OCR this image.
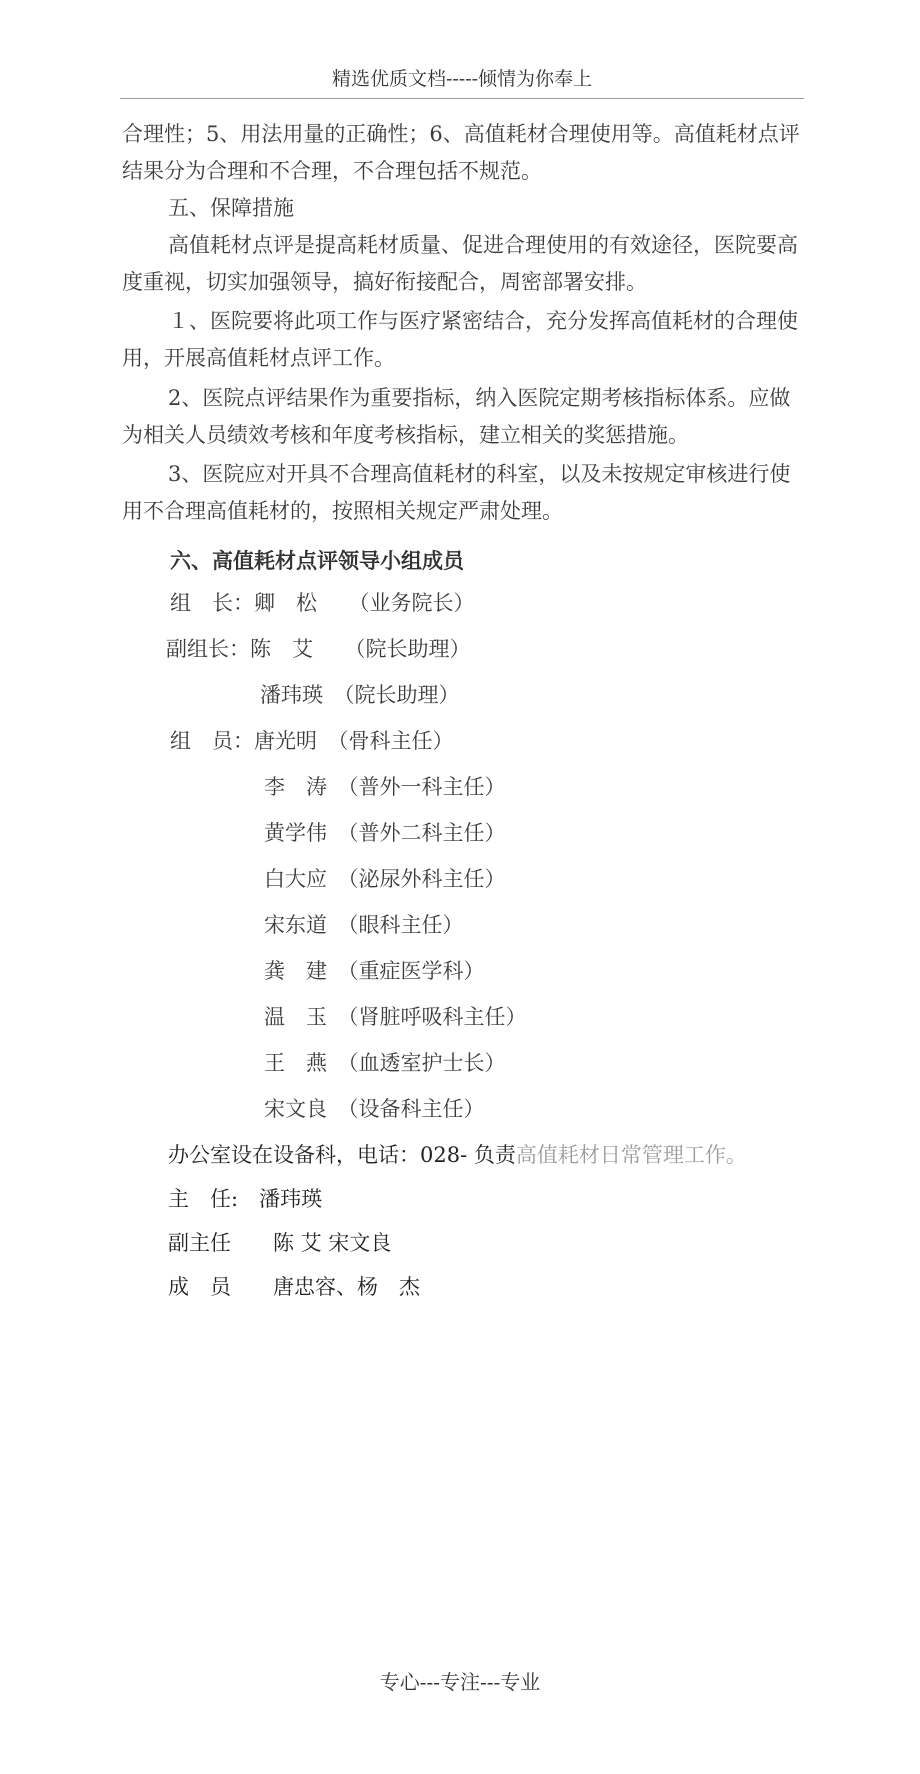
精选优质文档-----倾情为你奉上

合理性；5、用法用量的正确性；6、高值耗材合理使用等。高值耗材点评结果分为合理和不合理，不合理包括不规范。

五、保障措施

高值耗材点评是提高耗材质量、促进合理使用的有效途径，医院要高度重视，切实加强领导，搞好衔接配合，周密部署安排。

１、医院要将此项工作与医疗紧密结合，充分发挥高值耗材的合理使用，开展高值耗材点评工作。

2、医院点评结果作为重要指标，纳入医院定期考核指标体系。应做为相关人员绩效考核和年度考核指标，建立相关的奖惩措施。

3、医院应对开具不合理高值耗材的科室，以及未按规定审核进行使用不合理高值耗材的，按照相关规定严肃处理。

六、高值耗材点评领导小组成员

组　长：卿　松　　（业务院长）

副组长：陈　艾　　（院长助理）

潘玮瑛　（院长助理）

组　员：唐光明　（骨科主任）

李　涛　（普外一科主任）

黄学伟　（普外二科主任）

白大应　（泌尿外科主任）

宋东道　（眼科主任）

龚　建　（重症医学科）

温　玉　（肾脏呼吸科主任）

王　燕　（血透室护士长）

宋文良　（设备科主任）

办公室设在设备科，电话：028- 负责高值耗材日常管理工作。

主　任:　潘玮瑛

副主任　　陈 艾 宋文良

成　员　　唐忠容、杨　杰

专心---专注---专业
